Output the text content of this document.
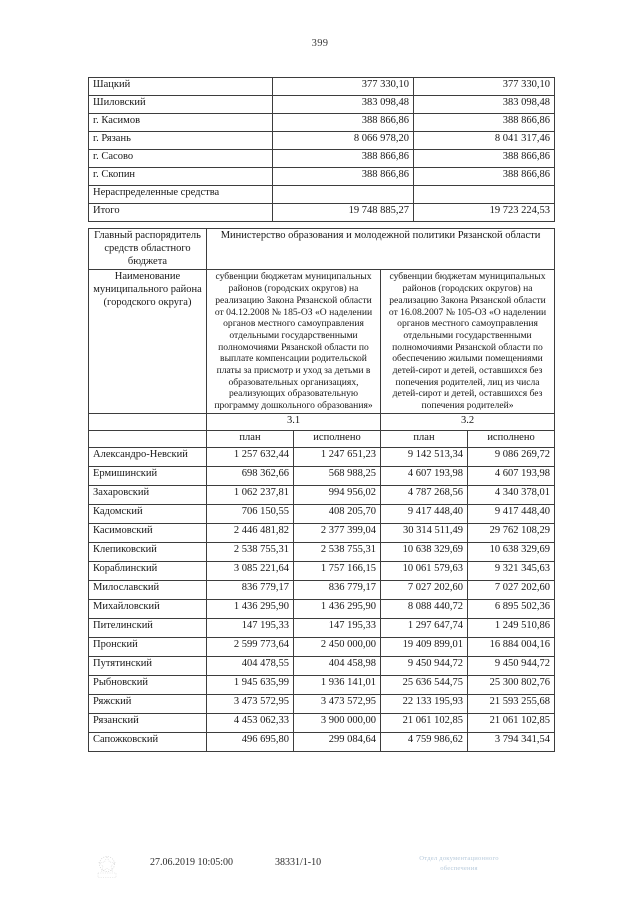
399
Шацкий	377 330,10	377 330,10
Шиловский	383 098,48	383 098,48
г. Касимов	388 866,86	388 866,86
г. Рязань	8 066 978,20	8 041 317,46
г. Сасово	388 866,86	388 866,86
г. Скопин	388 866,86	388 866,86
Нераспределенные средства		
Итого	19 748 885,27	19 723 224,53
Главный распорядитель средств областного бюджета	Министерство образования и молодежной политики Рязанской области			
Наименование муниципального района (городского округа)	субвенции бюджетам муниципальных районов (городских округов) на реализацию Закона Рязанской области от 04.12.2008 № 185-ОЗ «О наделении органов местного самоуправления отдельными государственными полномочиями Рязанской области по выплате компенсации родительской платы за присмотр и уход за детьми в образовательных организациях, реализующих образовательную программу дошкольного образования»	субвенции бюджетам муниципальных районов (городских округов) на реализацию Закона Рязанской области от 16.08.2007 № 105-ОЗ «О наделении органов местного самоуправления отдельными государственными полномочиями Рязанской области по обеспечению жилыми помещениями детей-сирот и детей, оставшихся без попечения родителей, лиц из числа детей-сирот и детей, оставшихся без попечения родителей»
	3.1		3.2	
	план	исполнено	план	исполнено
Александро-Невский	1 257 632,44	1 247 651,23	9 142 513,34	9 086 269,72
Ермишинский	698 362,66	568 988,25	4 607 193,98	4 607 193,98
Захаровский	1 062 237,81	994 956,02	4 787 268,56	4 340 378,01
Кадомский	706 150,55	408 205,70	9 417 448,40	9 417 448,40
Касимовский	2 446 481,82	2 377 399,04	30 314 511,49	29 762 108,29
Клепиковский	2 538 755,31	2 538 755,31	10 638 329,69	10 638 329,69
Кораблинский	3 085 221,64	1 757 166,15	10 061 579,63	9 321 345,63
Милославский	836 779,17	836 779,17	7 027 202,60	7 027 202,60
Михайловский	1 436 295,90	1 436 295,90	8 088 440,72	6 895 502,36
Пителинский	147 195,33	147 195,33	1 297 647,74	1 249 510,86
Пронский	2 599 773,64	2 450 000,00	19 409 899,01	16 884 004,16
Путятинский	404 478,55	404 458,98	9 450 944,72	9 450 944,72
Рыбновский	1 945 635,99	1 936 141,01	25 636 544,75	25 300 802,76
Ряжский	3 473 572,95	3 473 572,95	22 133 195,93	21 593 255,68
Рязанский	4 453 062,33	3 900 000,00	21 061 102,85	21 061 102,85
Сапожковский	496 695,80	299 084,64	4 759 986,62	3 794 341,54
27.06.2019 10:05:00	38331/1-10	Отдел документационного
обеспечения
